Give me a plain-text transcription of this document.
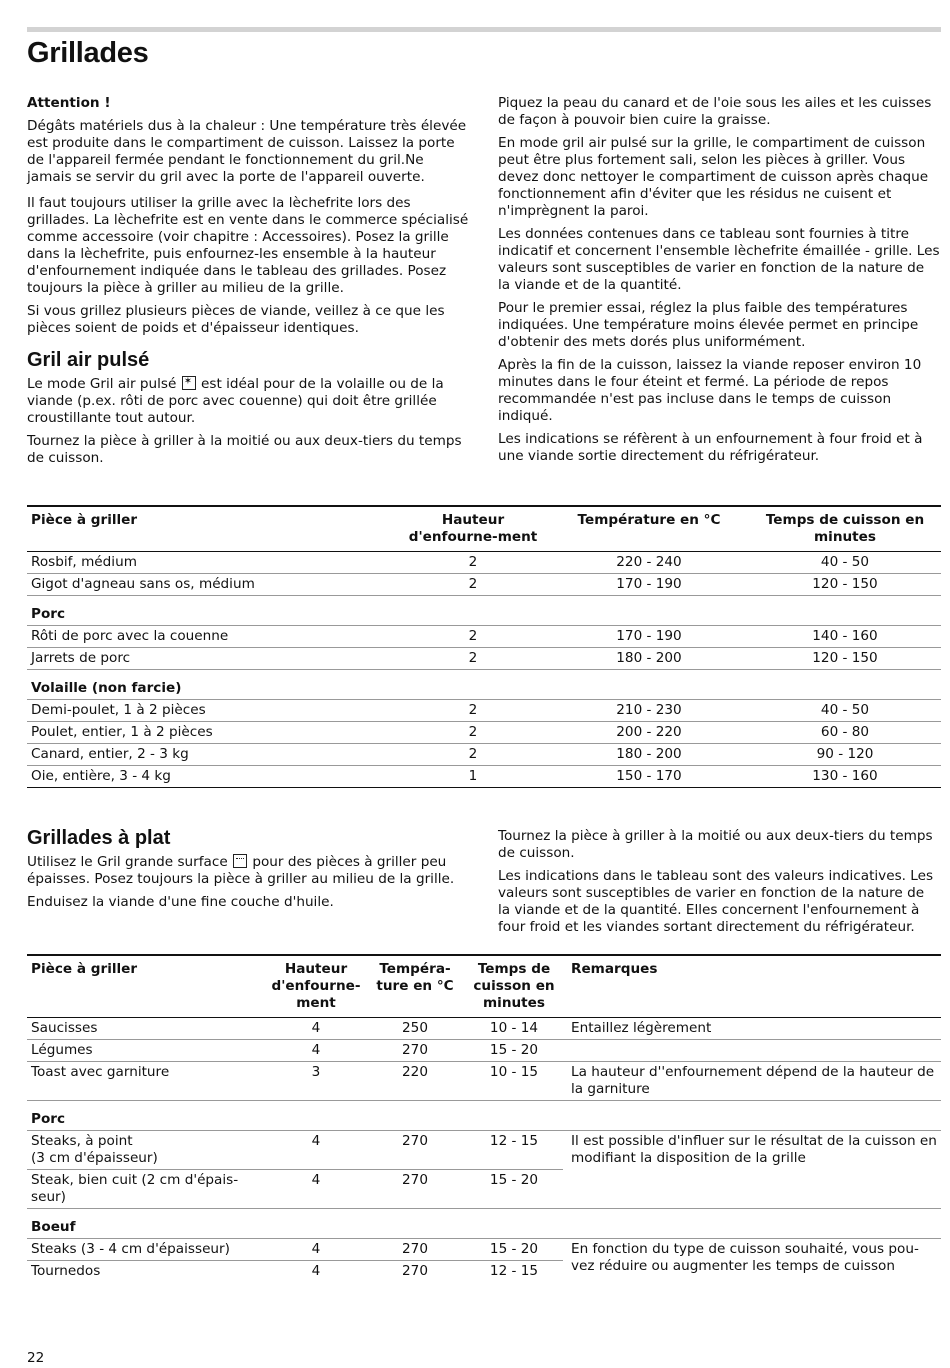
Grillades

Attention !

Dégâts matériels dus à la chaleur : Une température très élevée est produite dans le compartiment de cuisson. Laissez la porte de l'appareil fermée pendant le fonctionnement du gril.Ne jamais se servir du gril avec la porte de l'appareil ouverte.

Il faut toujours utiliser la grille avec la lèchefrite lors des grillades. La lèchefrite est en vente dans le commerce spécialisé comme accessoire (voir chapitre : Accessoires). Posez la grille dans la lèchefrite, puis enfournez-les ensemble à la hauteur d'enfournement indiquée dans le tableau des grillades. Posez toujours la pièce à griller au milieu de la grille.

Si vous grillez plusieurs pièces de viande, veillez à ce que les pièces soient de poids et d'épaisseur identiques.

Gril air pulsé

Le mode Gril air pulsé ✶ est idéal pour de la volaille ou de la viande (p.ex. rôti de porc avec couenne) qui doit être grillée croustillante tout autour.

Tournez la pièce à griller à la moitié ou aux deux-tiers du temps de cuisson.

Piquez la peau du canard et de l'oie sous les ailes et les cuisses de façon à pouvoir bien cuire la graisse.

En mode gril air pulsé sur la grille, le compartiment de cuisson peut être plus fortement sali, selon les pièces à griller. Vous devez donc nettoyer le compartiment de cuisson après chaque fonctionnement afin d'éviter que les résidus ne cuisent et n'imprègnent la paroi.

Les données contenues dans ce tableau sont fournies à titre indicatif et concernent l'ensemble lèchefrite émaillée - grille. Les valeurs sont susceptibles de varier en fonction de la nature de la viande et de la quantité.

Pour le premier essai, réglez la plus faible des températures indiquées. Une température moins élevée permet en principe d'obtenir des mets dorés plus uniformément.

Après la fin de la cuisson, laissez la viande reposer environ 10 minutes dans le four éteint et fermé. La période de repos recommandée n'est pas incluse dans le temps de cuisson indiqué.

Les indications se réfèrent à un enfournement à four froid et à une viande sortie directement du réfrigérateur.

Pièce à griller	Hauteur d'enfourne-ment	Température en °C	Temps de cuisson en minutes
Rosbif, médium	2	220 - 240	40 - 50
Gigot d'agneau sans os, médium	2	170 - 190	120 - 150
Porc			
Rôti de porc avec la couenne	2	170 - 190	140 - 160
Jarrets de porc	2	180 - 200	120 - 150
Volaille (non farcie)			
Demi-poulet, 1 à 2 pièces	2	210 - 230	40 - 50
Poulet, entier, 1 à 2 pièces	2	200 - 220	60 - 80
Canard, entier, 2 - 3 kg	2	180 - 200	90 - 120
Oie, entière, 3 - 4 kg	1	150 - 170	130 - 160
Grillades à plat

Utilisez le Gril grande surface pour des pièces à griller peu épaisses. Posez toujours la pièce à griller au milieu de la grille.

Enduisez la viande d'une fine couche d'huile.

Tournez la pièce à griller à la moitié ou aux deux-tiers du temps de cuisson.

Les indications dans le tableau sont des valeurs indicatives. Les valeurs sont susceptibles de varier en fonction de la nature de la viande et de la quantité. Elles concernent l'enfournement à four froid et les viandes sortant directement du réfrigérateur.

Pièce à griller	Hauteur d'enfourne-ment	Tempéra-ture en °C	Temps de cuisson en minutes	Remarques
Saucisses	4	250	10 - 14	Entaillez légèrement
Légumes	4	270	15 - 20	
Toast avec garniture	3	220	10 - 15	La hauteur d''enfournement dépend de la hauteur de la garniture
Porc				
Steaks, à point
(3 cm d'épaisseur)	4	270	12 - 15	Il est possible d'influer sur le résultat de la cuisson en modifiant la disposition de la grille
Steak, bien cuit (2 cm d'épais-seur)	4	270	15 - 20	
Boeuf				
Steaks (3 - 4 cm d'épaisseur)	4	270	15 - 20	En fonction du type de cuisson souhaité, vous pou-vez réduire ou augmenter les temps de cuisson
Tournedos	4	270	12 - 15	
22
